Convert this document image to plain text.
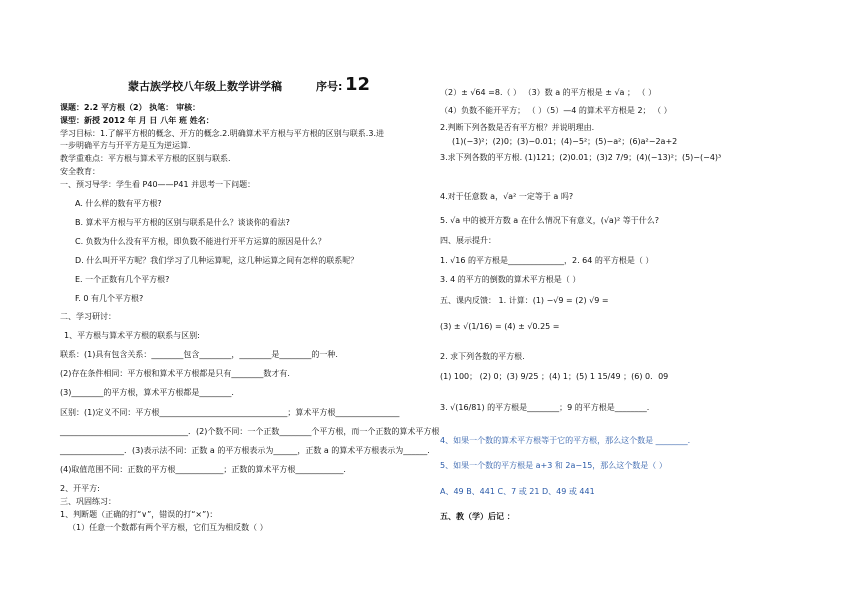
蒙古族学校八年级上数学讲学稿	序号: 12
课题：2.2 平方根（2） 执笔： 审核：
课型：新授 2012 年 月 日 八年 班 姓名：
学习目标：1.了解平方根的概念、开方的概念.2.明确算术平方根与平方根的区别与联系.3.进
一步明确平方与开平方是互为逆运算.
教学重难点：平方根与算术平方根的区别与联系.
安全教育：
一、预习导学：学生看 P40——P41 并思考一下问题：
A. 什么样的数有平方根?
B. 算术平方根与平方根的区别与联系是什么？谈谈你的看法?
C. 负数为什么没有平方根，即负数不能进行开平方运算的原因是什么？
D. 什么叫开平方呢？我们学习了几种运算呢，这几种运算之间有怎样的联系呢？
E. 一个正数有几个平方根?
F. 0 有几个平方根?
二、学习研讨：
1、平方根与算术平方根的联系与区别:
联系：(1)具有包含关系：________包含________，________是________的一种.
(2)存在条件相同：平方根和算术平方根都是只有________数才有.
(3)________的平方根，算术平方根都是________.
区别：(1)定义不同：平方根________________________________；算术平方根________________
________________________________．(2)个数不同：一个正数________个平方根，而一个正数的算术平方根
________________．(3)表示法不同：正数 a 的平方根表示为______，正数 a 的算术平方根表示为______.
(4)取值范围不同：正数的平方根____________；正数的算术平方根____________.
2、开平方:
三、巩固练习：
1、判断题（正确的打“∨”，错误的打“×”)：
（1）任意一个数都有两个平方根，它们互为相反数（ ）
（2）± √64 =8.（ ） （3）数 a 的平方根是 ± √a ； （ ）
（4）负数不能开平方； （ ）（5）—4 的算术平方根是 2； （ ）
2.判断下列各数是否有平方根？并说明理由.
(1)(−3)²；(2)0；(3)−0.01；(4)−5²；(5)−a²；(6)a²−2a+2
3.求下列各数的平方根. (1)121；(2)0.01；(3)2 7/9；(4)(−13)²；(5)−(−4)³
4.对于任意数 a，√a² 一定等于 a 吗?
5. √a 中的被开方数 a 在什么情况下有意义，(√a)² 等于什么?
四、展示提升：
1. √16 的平方根是______________，2. 64 的平方根是（ ）
3. 4 的平方的倒数的算术平方根是（ ）
五、课内反馈： 1. 计算：(1) −√9 = (2) √9 =
(3) ± √(1/16) = (4) ± √0.25 =
2. 求下列各数的平方根.
(1) 100； (2) 0；(3) 9/25 ；(4) 1；(5) 1 15/49 ；(6) 0．09
3. √(16/81) 的平方根是________；9 的平方根是________.
4、如果一个数的算术平方根等于它的平方根，那么这个数是 ________.
5、如果一个数的平方根是 a+3 和 2a−15，那么这个数是（ ）
A、49 B、441 C、7 或 21 D、49 或 441
五、教（学）后记 ：
